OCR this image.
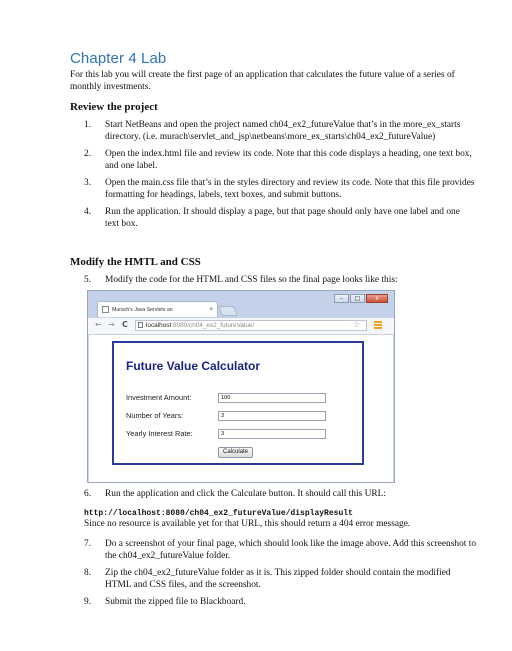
Chapter 4 Lab
For this lab you will create the first page of an application that calculates the future value of a series of monthly investments.
Review the project
1.	Start NetBeans and open the project named ch04_ex2_futureValue that’s in the more_ex_starts directory. (i.e. murach\servlet_and_jsp\netbeans\more_ex_starts\ch04_ex2_futureValue)
2.	Open the index.html file and review its code. Note that this code displays a heading, one text box, and one label.
3.	Open the main.css file that’s in the styles directory and review its code. Note that this file provides formatting for headings, labels, text boxes, and submit buttons.
4.	Run the application. It should display a page, but that page should only have one label and one text box.
Modify the HMTL and CSS
5.	Modify the code for the HTML and CSS files so the final page looks like this:
Murach's Java Servlets an	×
–	□	x
← → C	localhost:8080/ch04_ex2_futureValue/	☆
Future Value Calculator
Investment Amount:	100
Number of Years:	3
Yearly Interest Rate:	3
Calculate
6.	Run the application and click the Calculate button. It should call this URL:
http://localhost:8080/ch04_ex2_futureValue/displayResult
Since no resource is available yet for that URL, this should return a 404 error message.
7.	Do a screenshot of your final page, which should look like the image above. Add this screenshot to the ch04_ex2_futureValue folder.
8.	Zip the ch04_ex2_futureValue folder as it is. This zipped folder should contain the modified HTML and CSS files, and the screenshot.
9.	Submit the zipped file to Blackboard.
